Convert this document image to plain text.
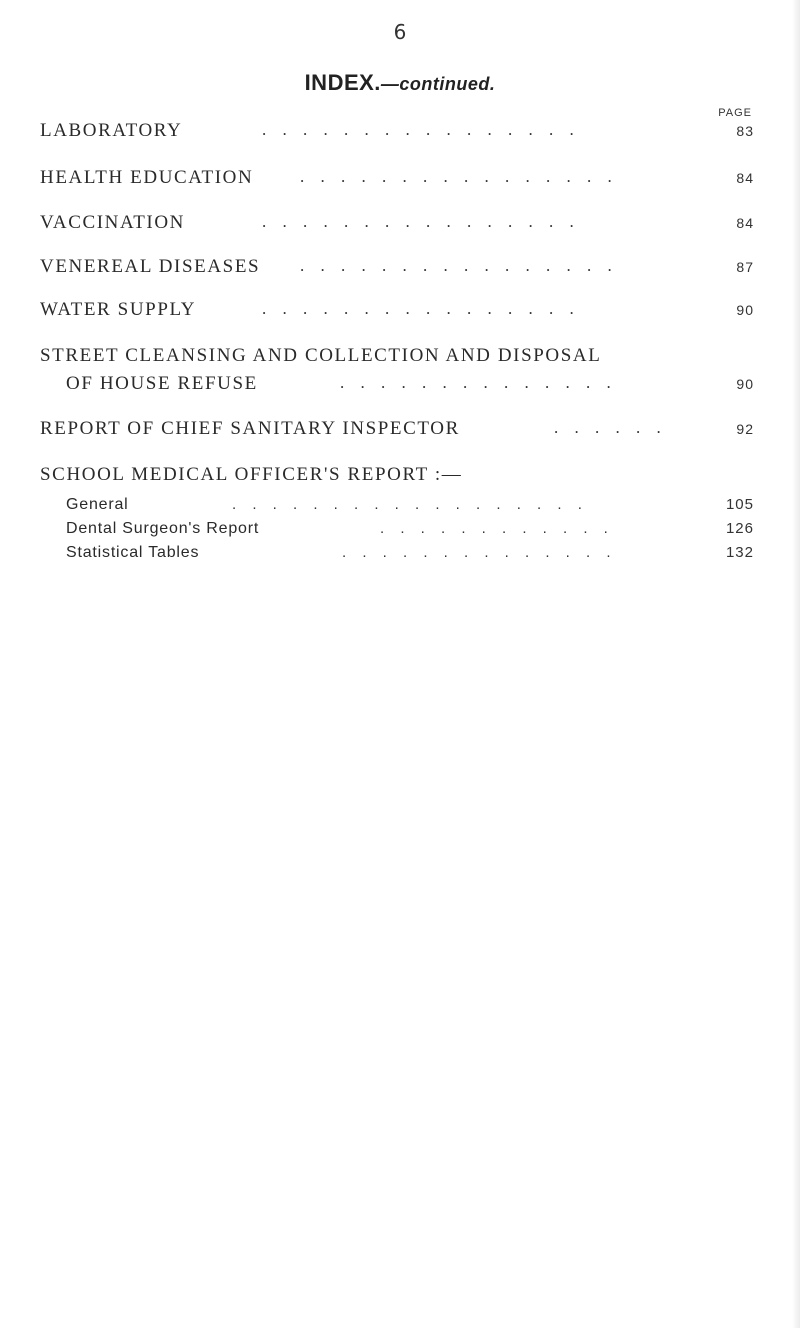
6
INDEX.—continued.
PAGE
LABORATORY	. . . . . . . . . . . . . . . .	83
HEALTH EDUCATION	. . . . . . . . . . . . . . . .	84
VACCINATION	. . . . . . . . . . . . . . . .	84
VENEREAL DISEASES . . . . . . . . . . . . . . . .	87
WATER SUPPLY	. . . . . . . . . . . . . . . .	90
STREET CLEANSING AND COLLECTION AND DISPOSAL
OF HOUSE REFUSE	. . . . . . . . . . . . . .	90
REPORT OF CHIEF SANITARY INSPECTOR	. . . . . .	92
SCHOOL MEDICAL OFFICER'S REPORT :—
General	. . . . . . . . . . . . . . . . . .	105
Dental Surgeon's Report	. . . . . . . . . . . .	126
Statistical Tables	. . . . . . . . . . . . . .	132
